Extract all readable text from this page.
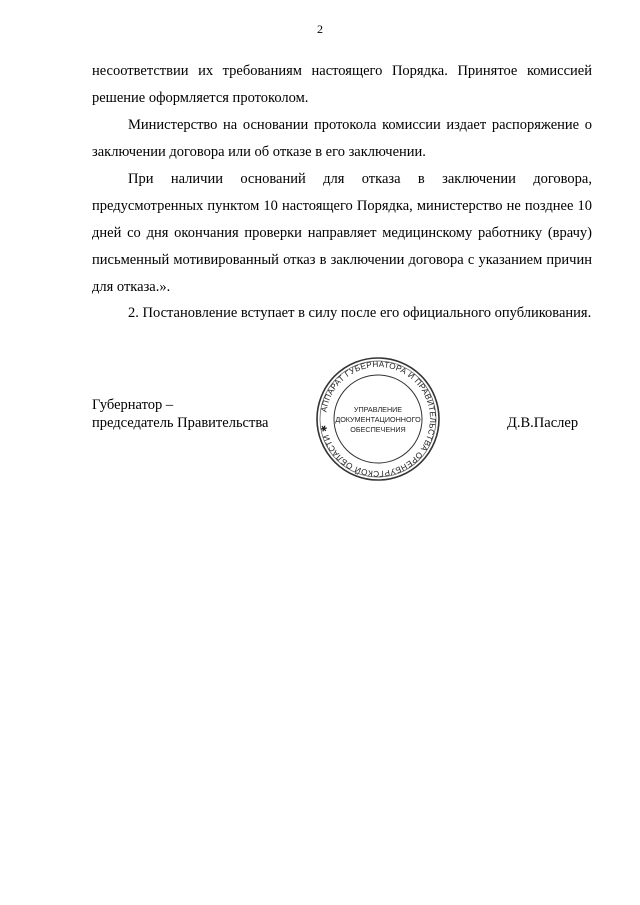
2

несоответствии их требованиям настоящего Порядка. Принятое комиссией решение оформляется протоколом.

Министерство на основании протокола комиссии издает распоряжение о заключении договора или об отказе в его заключении.

При наличии оснований для отказа в заключении договора, предусмотренных пунктом 10 настоящего Порядка, министерство не позднее 10 дней со дня окончания проверки направляет медицинскому работнику (врачу) письменный мотивированный отказ в заключении договора с указанием причин для отказа.».

2. Постановление вступает в силу после его официального опубликования.

Губернатор –
председатель Правительства
АППАРАТ ГУБЕРНАТОРА И ПРАВИТЕЛЬСТВА ОРЕНБУРГСКОЙ ОБЛАСТИ ✱
УПРАВЛЕНИЕ
ДОКУМЕНТАЦИОННОГО
ОБЕСПЕЧЕНИЯ	Д.В.Паслер
